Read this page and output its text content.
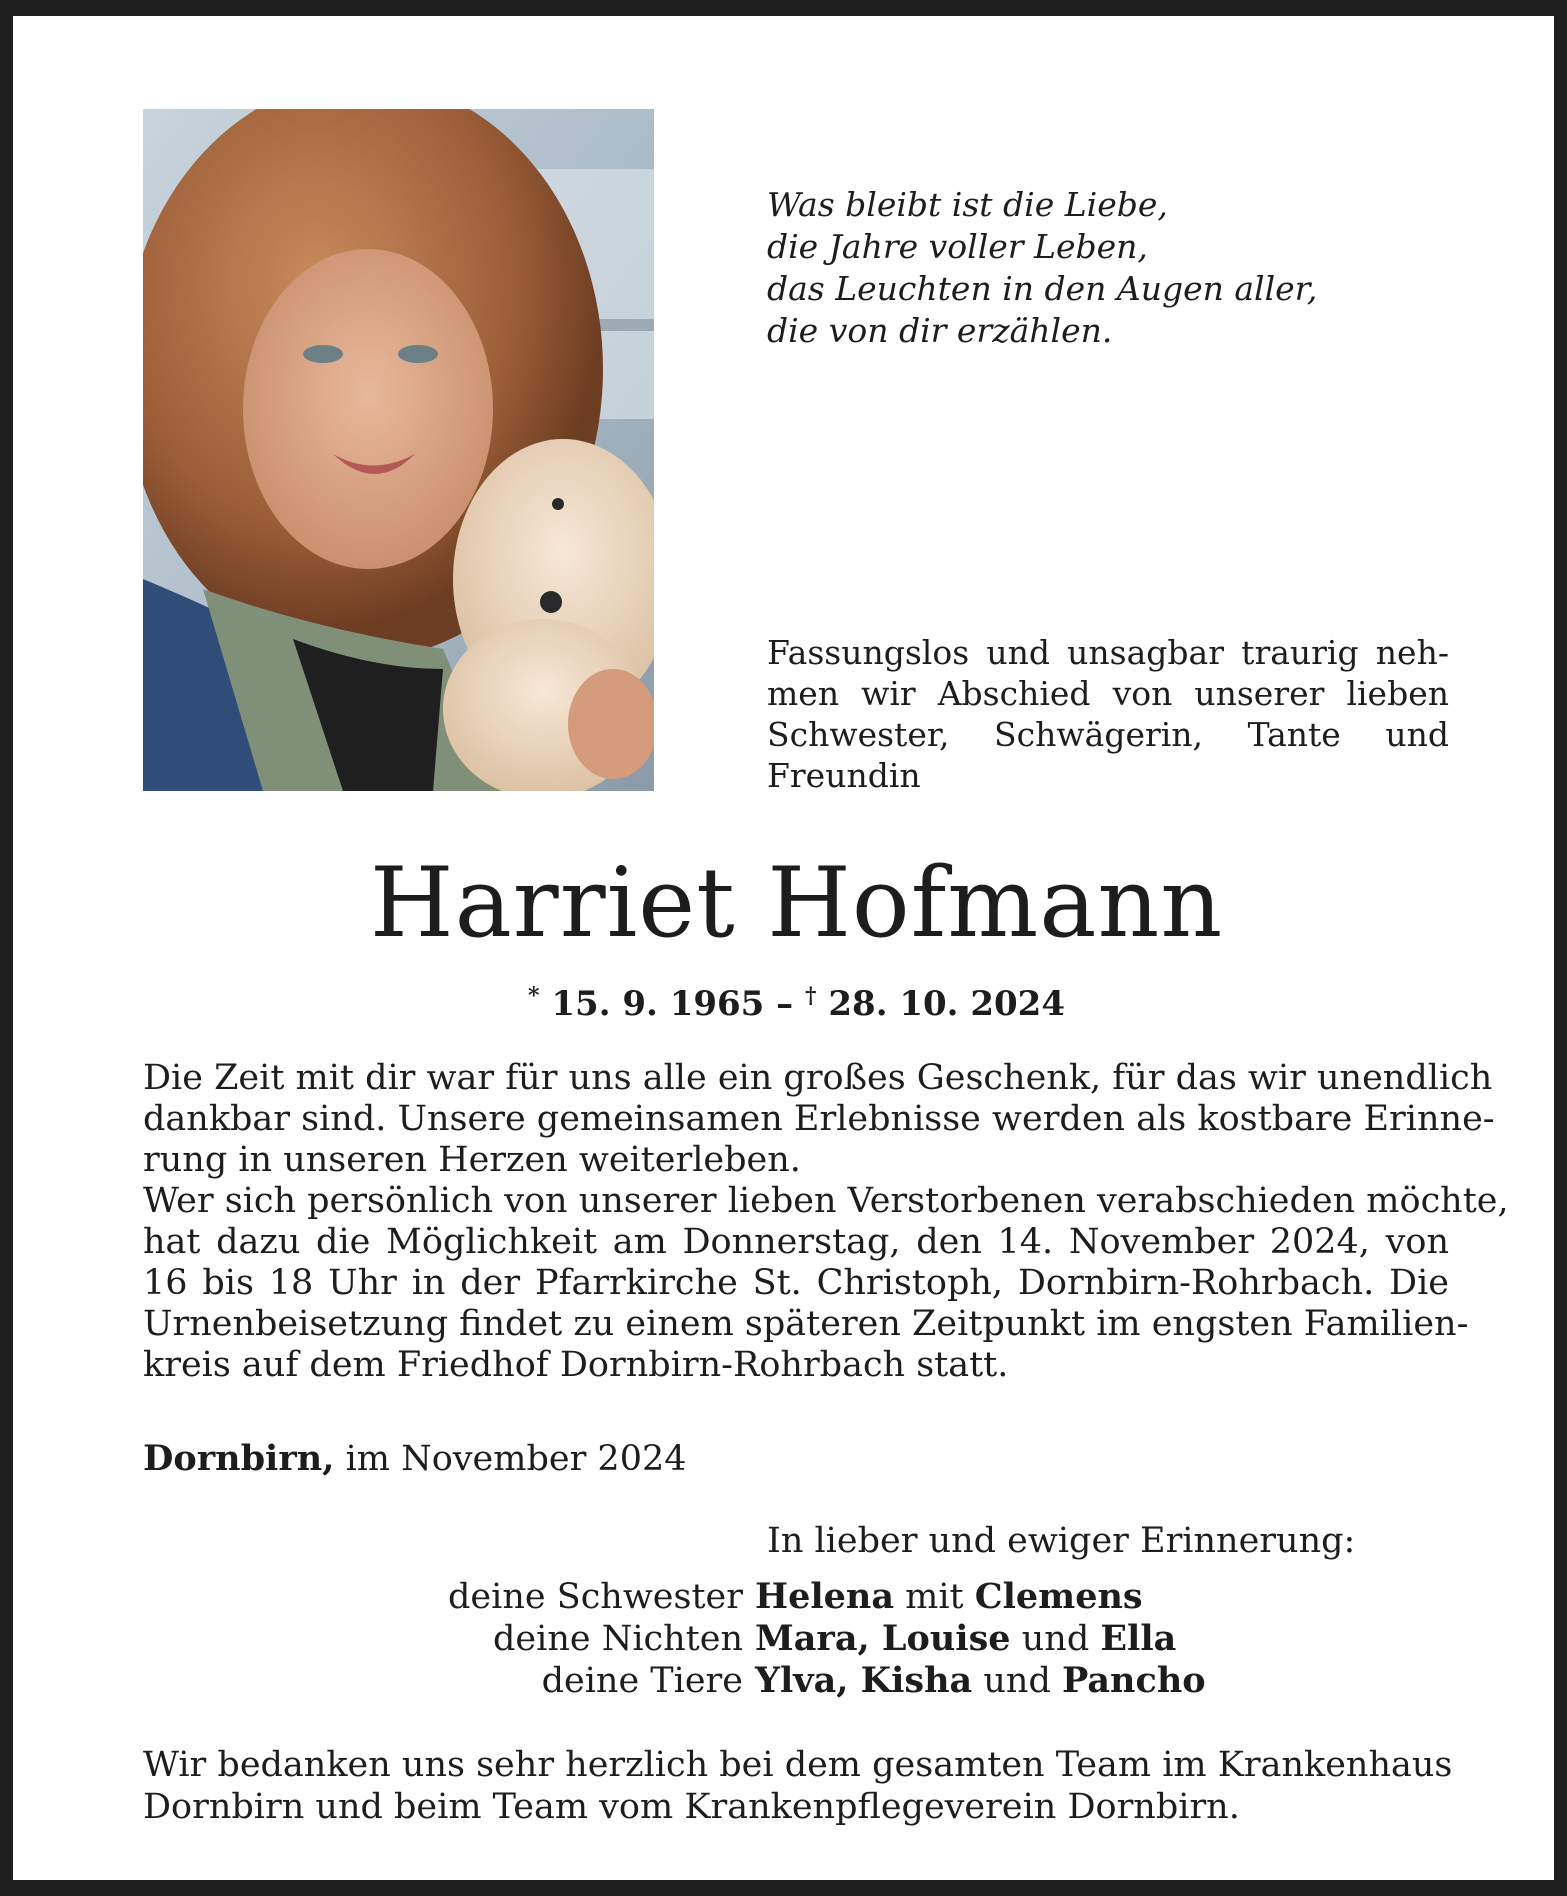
Was bleibt ist die Liebe,
die Jahre voller Leben,
das Leuchten in den Augen aller,
die von dir erzählen.
Fassungslos und unsagbar traurig neh-
men wir Abschied von unserer lieben
Schwester, Schwägerin, Tante und
Freundin
Harriet Hofmann
* 15. 9. 1965 – † 28. 10. 2024
Die Zeit mit dir war für uns alle ein großes Geschenk, für das wir unendlich
dankbar sind. Unsere gemeinsamen Erlebnisse werden als kostbare Erinne-
rung in unseren Herzen weiterleben.
Wer sich persönlich von unserer lieben Verstorbenen verabschieden möchte,
hat dazu die Möglichkeit am Donnerstag, den 14. November 2024, von
16 bis 18 Uhr in der Pfarrkirche St. Christoph, Dornbirn-Rohrbach. Die
Urnenbeisetzung findet zu einem späteren Zeitpunkt im engsten Familien-
kreis auf dem Friedhof Dornbirn-Rohrbach statt.
Dornbirn, im November 2024
In lieber und ewiger Erinnerung:
deine Schwester Helena mit Clemens
deine Nichten Mara, Louise und Ella
deine Tiere Ylva, Kisha und Pancho
Wir bedanken uns sehr herzlich bei dem gesamten Team im Krankenhaus
Dornbirn und beim Team vom Krankenpflegeverein Dornbirn.
